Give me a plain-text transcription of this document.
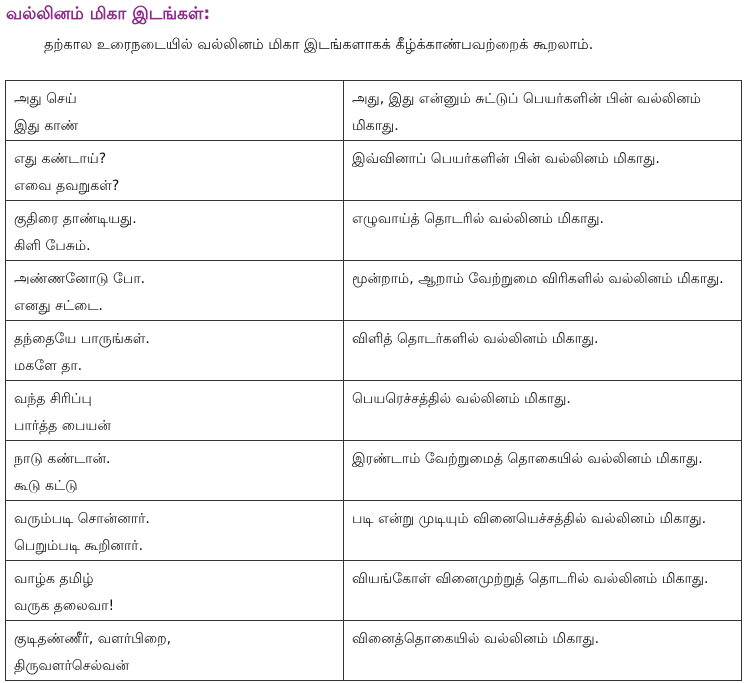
வல்லினம் மிகா இடங்கள்:
தற்கால உரைநடையில் வல்லினம் மிகா இடங்களாகக் கீழ்க்காண்பவற்றைக் கூறலாம்.
அது செய்
இது காண்	அது, இது என்னும் சுட்டுப் பெயர்களின் பின் வல்லினம் மிகாது.

எது கண்டாய்?
எவை தவறுகள்?	இவ்வினாப் பெயர்களின் பின் வல்லினம் மிகாது.

குதிரை தாண்டியது.
கிளி பேசும்.	எழுவாய்த் தொடரில் வல்லினம் மிகாது.

அண்ணனோடு போ.
எனது சட்டை.	மூன்றாம், ஆறாம் வேற்றுமை விரிகளில் வல்லினம் மிகாது.

தந்தையே பாருங்கள்.
மகளே தா.	விளித் தொடர்களில் வல்லினம் மிகாது.

வந்த சிரிப்பு
பார்த்த பையன்	பெயரெச்சத்தில் வல்லினம் மிகாது.

நாடு கண்டான்.
கூடு கட்டு	இரண்டாம் வேற்றுமைத் தொகையில் வல்லினம் மிகாது.

வரும்படி சொன்னார்.
பெறும்படி கூறினார்.	படி என்று முடியும் வினையெச்சத்தில் வல்லினம் மிகாது.

வாழ்க தமிழ்
வருக தலைவா!	வியங்கோள் வினைமுற்றுத் தொடரில் வல்லினம் மிகாது.

குடிதண்ணீர், வளர்பிறை,
திருவளர்செல்வன்	வினைத்தொகையில் வல்லினம் மிகாது.
